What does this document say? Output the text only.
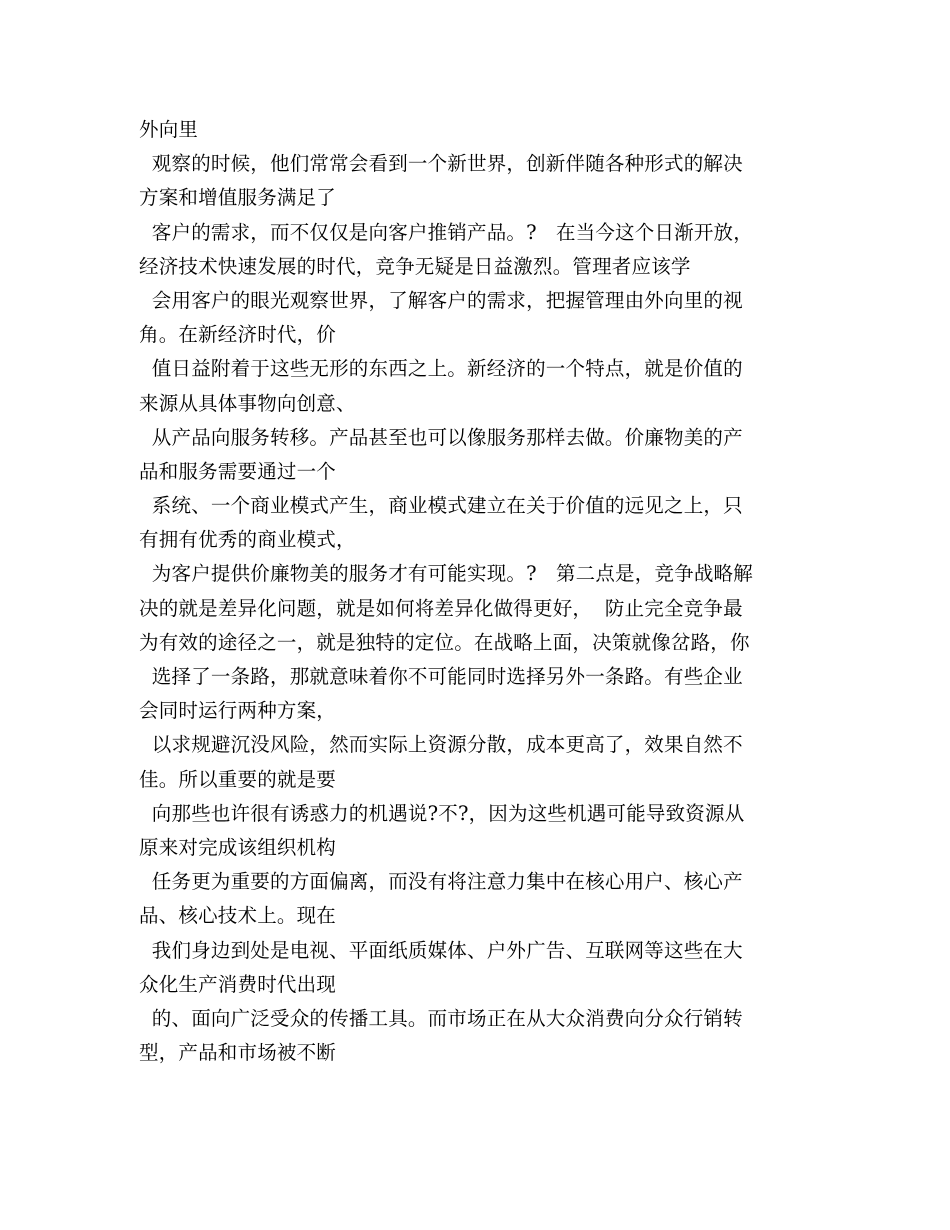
外向里
观察的时候，他们常常会看到一个新世界，创新伴随各种形式的解决
方案和增值服务满足了
客户的需求，而不仅仅是向客户推销产品。?   在当今这个日渐开放，
经济技术快速发展的时代，竞争无疑是日益激烈。管理者应该学
会用客户的眼光观察世界，了解客户的需求，把握管理由外向里的视
角。在新经济时代，价
值日益附着于这些无形的东西之上。新经济的一个特点，就是价值的
来源从具体事物向创意、
从产品向服务转移。产品甚至也可以像服务那样去做。价廉物美的产
品和服务需要通过一个
系统、一个商业模式产生，商业模式建立在关于价值的远见之上，只
有拥有优秀的商业模式，
为客户提供价廉物美的服务才有可能实现。?   第二点是，竞争战略解
决的就是差异化问题，就是如何将差异化做得更好，  防止完全竞争最
为有效的途径之一，就是独特的定位。在战略上面，决策就像岔路，你
选择了一条路，那就意味着你不可能同时选择另外一条路。有些企业
会同时运行两种方案，
以求规避沉没风险，然而实际上资源分散，成本更高了，效果自然不
佳。所以重要的就是要
向那些也许很有诱惑力的机遇说?不?，因为这些机遇可能导致资源从
原来对完成该组织机构
任务更为重要的方面偏离，而没有将注意力集中在核心用户、核心产
品、核心技术上。现在
我们身边到处是电视、平面纸质媒体、户外广告、互联网等这些在大
众化生产消费时代出现
的、面向广泛受众的传播工具。而市场正在从大众消费向分众行销转
型，产品和市场被不断
